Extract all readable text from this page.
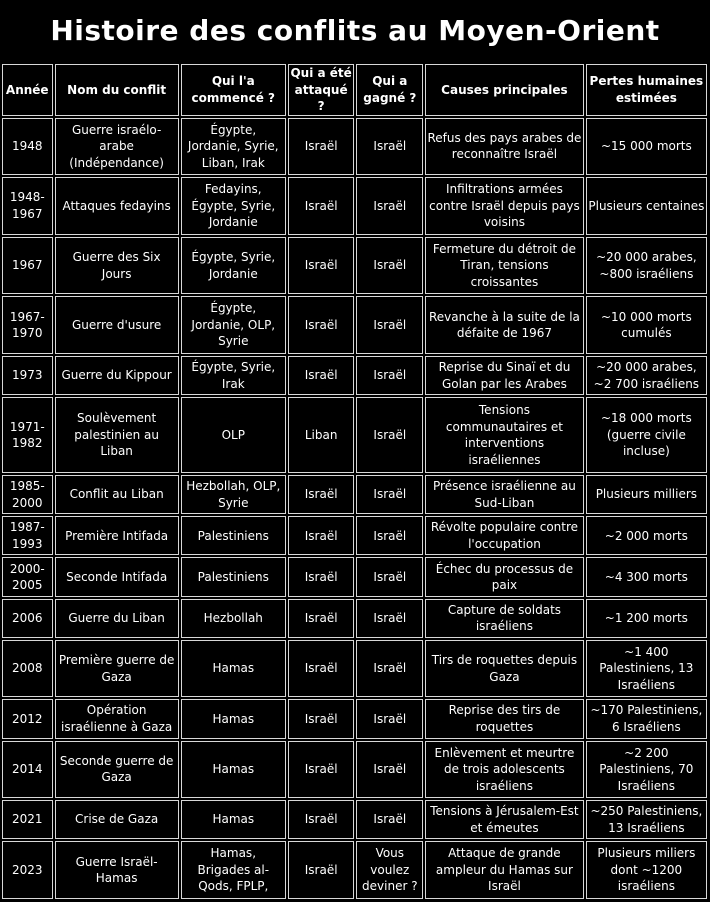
Histoire des conflits au Moyen-Orient
Année	Nom du conflit	Qui l'a commencé ?	Qui a été attaqué ?	Qui a gagné ?	Causes principales	Pertes humaines estimées
1948	Guerre israélo-arabe (Indépendance)	Égypte, Jordanie, Syrie, Liban, Irak	Israël	Israël	Refus des pays arabes de reconnaître Israël	~15 000 morts
1948-1967	Attaques fedayins	Fedayins, Égypte, Syrie, Jordanie	Israël	Israël	Infiltrations armées contre Israël depuis pays voisins	Plusieurs centaines
1967	Guerre des Six Jours	Égypte, Syrie, Jordanie	Israël	Israël	Fermeture du détroit de Tiran, tensions croissantes	~20 000 arabes, ~800 israéliens
1967-1970	Guerre d'usure	Égypte, Jordanie, OLP, Syrie	Israël	Israël	Revanche à la suite de la défaite de 1967	~10 000 morts cumulés
1973	Guerre du Kippour	Égypte, Syrie, Irak	Israël	Israël	Reprise du Sinaï et du Golan par les Arabes	~20 000 arabes, ~2 700 israéliens
1971-1982	Soulèvement palestinien au Liban	OLP	Liban	Israël	Tensions communautaires et interventions israéliennes	~18 000 morts (guerre civile incluse)
1985-2000	Conflit au Liban	Hezbollah, OLP, Syrie	Israël	Israël	Présence israélienne au Sud-Liban	Plusieurs milliers
1987-1993	Première Intifada	Palestiniens	Israël	Israël	Révolte populaire contre l'occupation	~2 000 morts
2000-2005	Seconde Intifada	Palestiniens	Israël	Israël	Échec du processus de paix	~4 300 morts
2006	Guerre du Liban	Hezbollah	Israël	Israël	Capture de soldats israéliens	~1 200 morts
2008	Première guerre de Gaza	Hamas	Israël	Israël	Tirs de roquettes depuis Gaza	~1 400 Palestiniens, 13 Israéliens
2012	Opération israélienne à Gaza	Hamas	Israël	Israël	Reprise des tirs de roquettes	~170 Palestiniens, 6 Israéliens
2014	Seconde guerre de Gaza	Hamas	Israël	Israël	Enlèvement et meurtre de trois adolescents israéliens	~2 200 Palestiniens, 70 Israéliens
2021	Crise de Gaza	Hamas	Israël	Israël	Tensions à Jérusalem-Est et émeutes	~250 Palestiniens, 13 Israéliens
2023	Guerre Israël-Hamas	Hamas, Brigades al-Qods, FPLP,	Israël	Vous voulez deviner ?	Attaque de grande ampleur du Hamas sur Israël	Plusieurs miliers dont ~1200 israéliens
